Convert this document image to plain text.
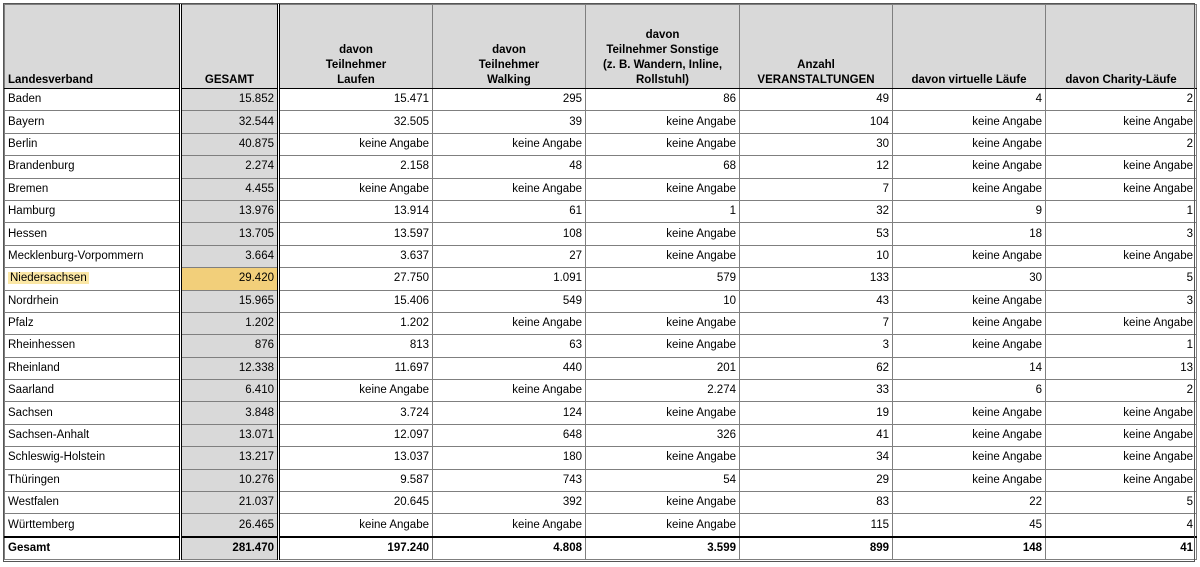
Landesverband	GESAMT	davon
Teilnehmer
Laufen	davon
Teilnehmer
Walking	davon
Teilnehmer Sonstige
(z. B. Wandern, Inline,
Rollstuhl)	Anzahl
VERANSTALTUNGEN	davon virtuelle Läufe	davon Charity-Läufe

Baden	15.852	15.471	295	86	49	4	2
Bayern	32.544	32.505	39	keine Angabe	104	keine Angabe	keine Angabe
Berlin	40.875	keine Angabe	keine Angabe	keine Angabe	30	keine Angabe	2
Brandenburg	2.274	2.158	48	68	12	keine Angabe	keine Angabe
Bremen	4.455	keine Angabe	keine Angabe	keine Angabe	7	keine Angabe	keine Angabe
Hamburg	13.976	13.914	61	1	32	9	1
Hessen	13.705	13.597	108	keine Angabe	53	18	3
Mecklenburg-Vorpommern	3.664	3.637	27	keine Angabe	10	keine Angabe	keine Angabe
Niedersachsen	29.420	27.750	1.091	579	133	30	5
Nordrhein	15.965	15.406	549	10	43	keine Angabe	3
Pfalz	1.202	1.202	keine Angabe	keine Angabe	7	keine Angabe	keine Angabe
Rheinhessen	876	813	63	keine Angabe	3	keine Angabe	1
Rheinland	12.338	11.697	440	201	62	14	13
Saarland	6.410	keine Angabe	keine Angabe	2.274	33	6	2
Sachsen	3.848	3.724	124	keine Angabe	19	keine Angabe	keine Angabe
Sachsen-Anhalt	13.071	12.097	648	326	41	keine Angabe	keine Angabe
Schleswig-Holstein	13.217	13.037	180	keine Angabe	34	keine Angabe	keine Angabe
Thüringen	10.276	9.587	743	54	29	keine Angabe	keine Angabe
Westfalen	21.037	20.645	392	keine Angabe	83	22	5
Württemberg	26.465	keine Angabe	keine Angabe	keine Angabe	115	45	4
Gesamt	281.470	197.240	4.808	3.599	899	148	41
